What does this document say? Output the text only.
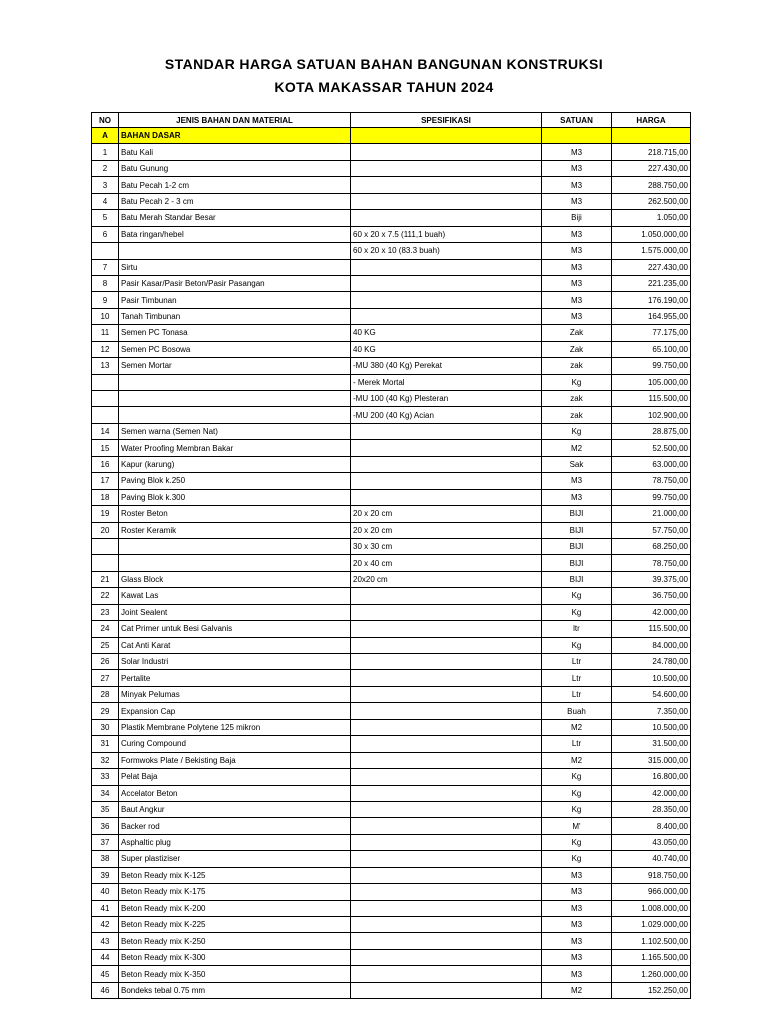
STANDAR HARGA SATUAN BAHAN BANGUNAN KONSTRUKSI
KOTA MAKASSAR TAHUN 2024
NO	JENIS BAHAN DAN MATERIAL	SPESIFIKASI	SATUAN	HARGA
A	BAHAN DASAR			
1	Batu Kali		M3	218.715,00
2	Batu Gunung		M3	227.430,00
3	Batu Pecah 1-2 cm		M3	288.750,00
4	Batu Pecah 2 - 3 cm		M3	262.500,00
5	Batu Merah Standar Besar		Biji	1.050,00
6	Bata ringan/hebel	60 x 20 x 7.5 (111,1 buah)	M3	1.050.000,00
		60 x 20 x 10 (83.3 buah)	M3	1.575.000,00
7	Sirtu		M3	227.430,00
8	Pasir Kasar/Pasir Beton/Pasir Pasangan		M3	221.235,00
9	Pasir Timbunan		M3	176.190,00
10	Tanah Timbunan		M3	164.955,00
11	Semen PC Tonasa	40 KG	Zak	77.175,00
12	Semen PC Bosowa	40 KG	Zak	65.100,00
13	Semen Mortar	-MU 380 (40 Kg) Perekat	zak	99.750,00
		- Merek Mortal	Kg	105.000,00
		-MU 100 (40 Kg) Plesteran	zak	115.500,00
		-MU 200 (40 Kg) Acian	zak	102.900,00
14	Semen warna (Semen Nat)		Kg	28.875,00
15	Water Proofing Membran Bakar		M2	52.500,00
16	Kapur (karung)		Sak	63.000,00
17	Paving Blok k.250		M3	78.750,00
18	Paving Blok k.300		M3	99.750,00
19	Roster Beton	20 x 20 cm	BIJI	21.000,00
20	Roster Keramik	20 x 20 cm	BIJI	57.750,00
		30 x 30 cm	BIJI	68.250,00
		20 x 40 cm	BIJI	78.750,00
21	Glass Block	20x20 cm	BIJI	39.375,00
22	Kawat Las		Kg	36.750,00
23	Joint Sealent		Kg	42.000,00
24	Cat Primer untuk Besi Galvanis		ltr	115.500,00
25	Cat Anti Karat		Kg	84.000,00
26	Solar Industri		Ltr	24.780,00
27	Pertalite		Ltr	10.500,00
28	Minyak Pelumas		Ltr	54.600,00
29	Expansion Cap		Buah	7.350,00
30	Plastik Membrane Polytene 125 mikron		M2	10.500,00
31	Curing Compound		Ltr	31.500,00
32	Formwoks Plate / Bekisting Baja		M2	315.000,00
33	Pelat Baja		Kg	16.800,00
34	Accelator Beton		Kg	42.000,00
35	Baut Angkur		Kg	28.350,00
36	Backer rod		M'	8.400,00
37	Asphaltic plug		Kg	43.050,00
38	Super plastiziser		Kg	40.740,00
39	Beton Ready mix K-125		M3	918.750,00
40	Beton Ready mix K-175		M3	966.000,00
41	Beton Ready mix K-200		M3	1.008.000,00
42	Beton Ready mix K-225		M3	1.029.000,00
43	Beton Ready mix K-250		M3	1.102.500,00
44	Beton Ready mix K-300		M3	1.165.500,00
45	Beton Ready mix K-350		M3	1.260.000,00
46	Bondeks tebal 0.75 mm		M2	152.250,00
